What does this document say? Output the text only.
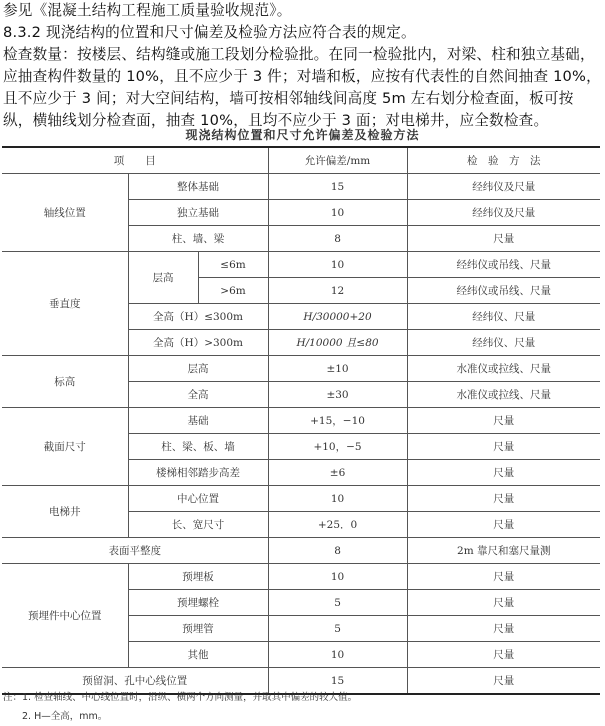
参见《混凝土结构工程施工质量验收规范》。

8.3.2 现浇结构的位置和尺寸偏差及检验方法应符合表的规定。

检查数量：按楼层、结构缝或施工段划分检验批。在同一检验批内，对梁、柱和独立基础，应抽查构件数量的 10%，且不应少于 3 件；对墙和板，应按有代表性的自然间抽查 10%，且不应少于 3 间；对大空间结构，墙可按相邻轴线间高度 5m 左右划分检查面，板可按纵，横轴线划分检查面，抽查 10%，且均不应少于 3 面；对电梯井，应全数检查。

现浇结构位置和尺寸允许偏差及检验方法
项　　目			允许偏差/mm	检　验　方　法
轴线位置	整体基础		15	经纬仪及尺量
	独立基础		10	经纬仪及尺量
	柱、墙、梁		8	尺量
垂直度	层高	≤6m	10	经纬仪或吊线、尺量
		>6m	12	经纬仪或吊线、尺量
	全高（H）≤300m		H/30000+20	经纬仪、尺量
	全高（H）>300m		H/10000 且≤80	经纬仪、尺量
标高	层高		±10	水准仪或拉线、尺量
	全高		±30	水准仪或拉线、尺量
截面尺寸	基础		+15，−10	尺量
	柱、梁、板、墙		+10，−5	尺量
	楼梯相邻踏步高差		±6	尺量
电梯井	中心位置		10	尺量
	长、宽尺寸		+25．0	尺量
表面平整度			8	2m 靠尺和塞尺量测
预埋件中心位置	预埋板		10	尺量
	预埋螺栓		5	尺量
	预埋管		5	尺量
	其他		10	尺量
预留洞、孔中心线位置			15	尺量

注：1. 检查轴线、中心线位置时，沿纵、横两个方向测量，并取其中偏差的较大值。

2. H—全高，mm。
